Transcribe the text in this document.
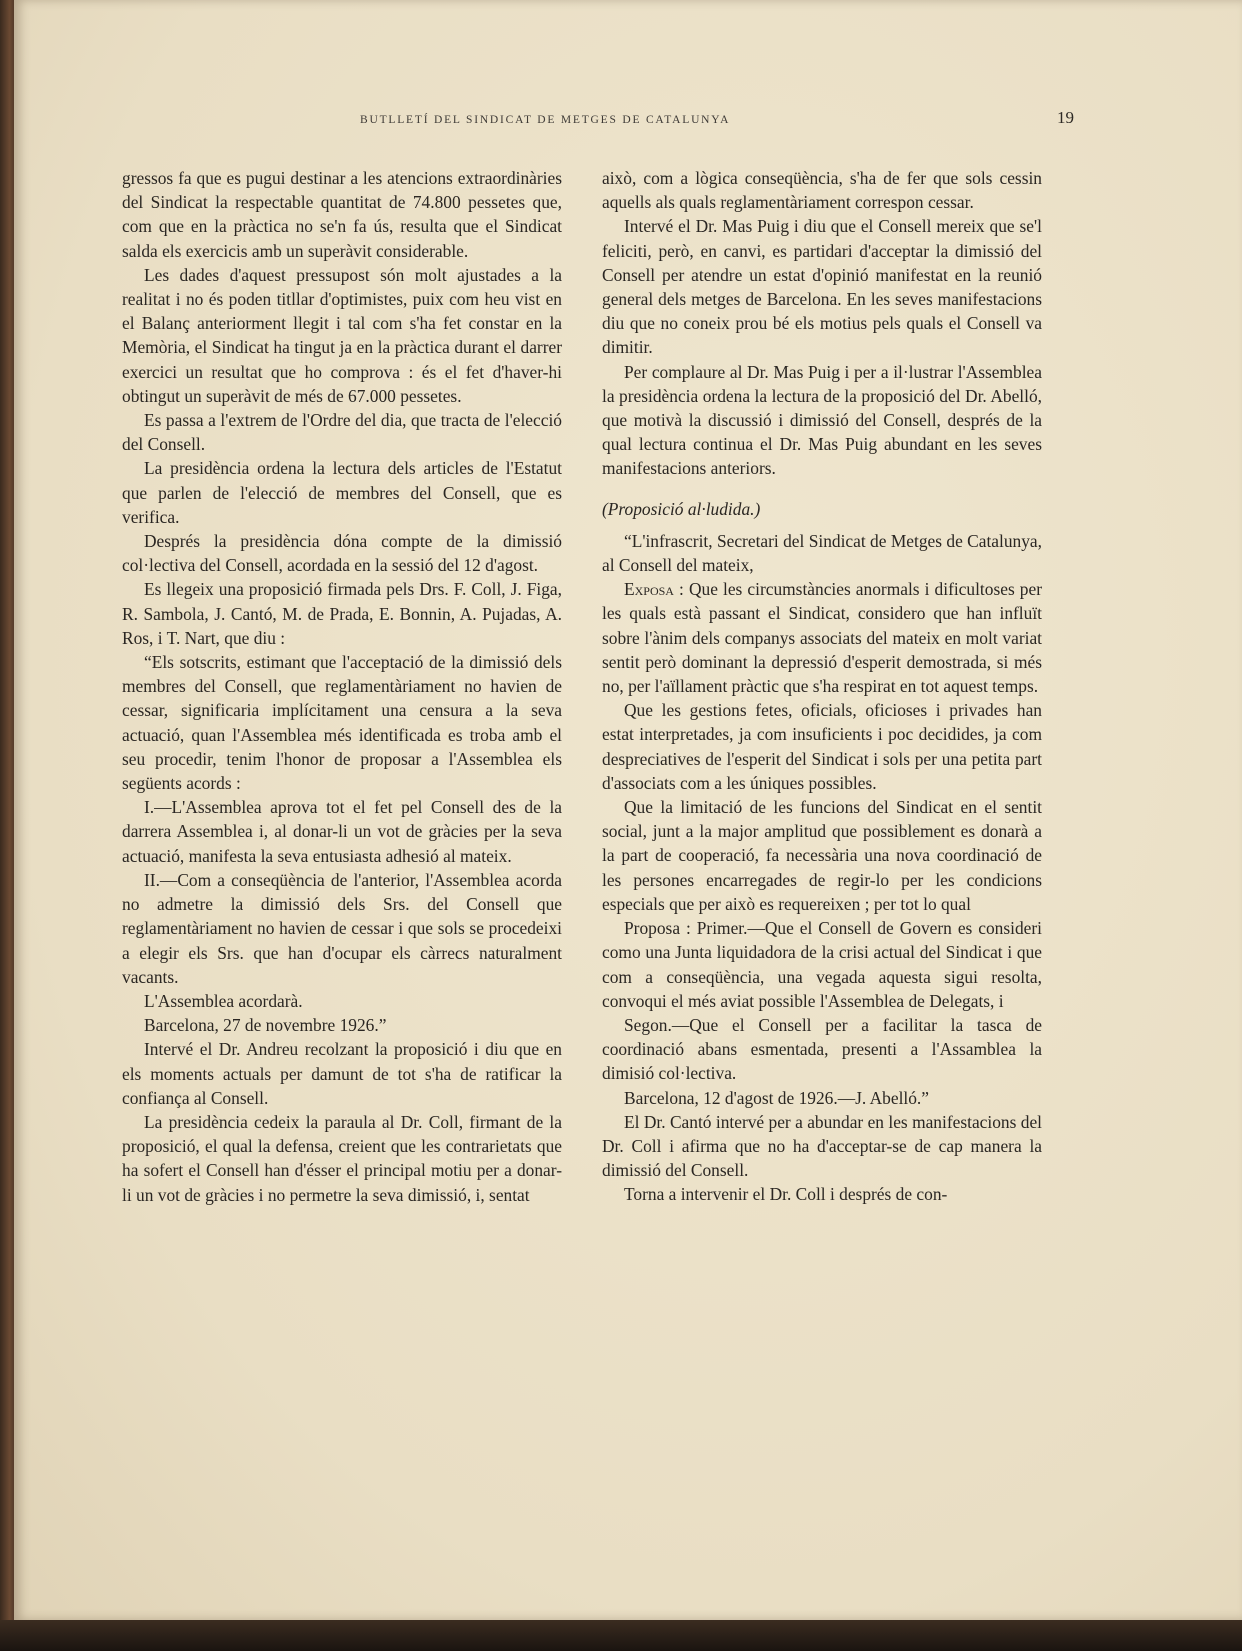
BUTLLETÍ DEL SINDICAT DE METGES DE CATALUNYA	19

gressos fa que es pugui destinar a les atencions extraordinàries del Sindicat la respectable quantitat de 74.800 pessetes que, com que en la pràctica no se'n fa ús, resulta que el Sindicat salda els exercicis amb un superàvit considerable.

Les dades d'aquest pressupost són molt ajustades a la realitat i no és poden titllar d'optimistes, puix com heu vist en el Balanç anteriorment llegit i tal com s'ha fet constar en la Memòria, el Sindicat ha tingut ja en la pràctica durant el darrer exercici un resultat que ho comprova : és el fet d'haver-hi obtingut un superàvit de més de 67.000 pessetes.

Es passa a l'extrem de l'Ordre del dia, que tracta de l'elecció del Consell.

La presidència ordena la lectura dels articles de l'Estatut que parlen de l'elecció de membres del Consell, que es verifica.

Després la presidència dóna compte de la dimissió col·lectiva del Consell, acordada en la sessió del 12 d'agost.

Es llegeix una proposició firmada pels Drs. F. Coll, J. Figa, R. Sambola, J. Cantó, M. de Prada, E. Bonnin, A. Pujadas, A. Ros, i T. Nart, que diu :

“Els sotscrits, estimant que l'acceptació de la dimissió dels membres del Consell, que reglamentàriament no havien de cessar, significaria implícitament una censura a la seva actuació, quan l'Assemblea més identificada es troba amb el seu procedir, tenim l'honor de proposar a l'Assemblea els següents acords :

I.—L'Assemblea aprova tot el fet pel Consell des de la darrera Assemblea i, al donar-li un vot de gràcies per la seva actuació, manifesta la seva entusiasta adhesió al mateix.

II.—Com a conseqüència de l'anterior, l'Assemblea acorda no admetre la dimissió dels Srs. del Consell que reglamentàriament no havien de cessar i que sols se procedeixi a elegir els Srs. que han d'ocupar els càrrecs naturalment vacants.

L'Assemblea acordarà.

Barcelona, 27 de novembre 1926.”

Intervé el Dr. Andreu recolzant la proposició i diu que en els moments actuals per damunt de tot s'ha de ratificar la confiança al Consell.

La presidència cedeix la paraula al Dr. Coll, firmant de la proposició, el qual la defensa, creient que les contrarietats que ha sofert el Consell han d'ésser el principal motiu per a donar-li un vot de gràcies i no permetre la seva dimissió, i, sentat

això, com a lògica conseqüència, s'ha de fer que sols cessin aquells als quals reglamentàriament correspon cessar.

Intervé el Dr. Mas Puig i diu que el Consell mereix que se'l feliciti, però, en canvi, es partidari d'acceptar la dimissió del Consell per atendre un estat d'opinió manifestat en la reunió general dels metges de Barcelona. En les seves manifestacions diu que no coneix prou bé els motius pels quals el Consell va dimitir.

Per complaure al Dr. Mas Puig i per a il·lustrar l'Assemblea la presidència ordena la lectura de la proposició del Dr. Abelló, que motivà la discussió i dimissió del Consell, després de la qual lectura continua el Dr. Mas Puig abundant en les seves manifestacions anteriors.

(Proposició al·ludida.)

“L'infrascrit, Secretari del Sindicat de Metges de Catalunya, al Consell del mateix,

Exposa : Que les circumstàncies anormals i dificultoses per les quals està passant el Sindicat, considero que han influït sobre l'ànim dels companys associats del mateix en molt variat sentit però dominant la depressió d'esperit demostrada, si més no, per l'aïllament pràctic que s'ha respirat en tot aquest temps.

Que les gestions fetes, oficials, oficioses i privades han estat interpretades, ja com insuficients i poc decidides, ja com despreciatives de l'esperit del Sindicat i sols per una petita part d'associats com a les úniques possibles.

Que la limitació de les funcions del Sindicat en el sentit social, junt a la major amplitud que possiblement es donarà a la part de cooperació, fa necessària una nova coordinació de les persones encarregades de regir-lo per les condicions especials que per això es requereixen ; per tot lo qual

Proposa : Primer.—Que el Consell de Govern es consideri como una Junta liquidadora de la crisi actual del Sindicat i que com a conseqüència, una vegada aquesta sigui resolta, convoqui el més aviat possible l'Assemblea de Delegats, i

Segon.—Que el Consell per a facilitar la tasca de coordinació abans esmentada, presenti a l'Assamblea la dimisió col·lectiva.

Barcelona, 12 d'agost de 1926.—J. Abelló.”

El Dr. Cantó intervé per a abundar en les manifestacions del Dr. Coll i afirma que no ha d'acceptar-se de cap manera la dimissió del Consell.

Torna a intervenir el Dr. Coll i després de con-
